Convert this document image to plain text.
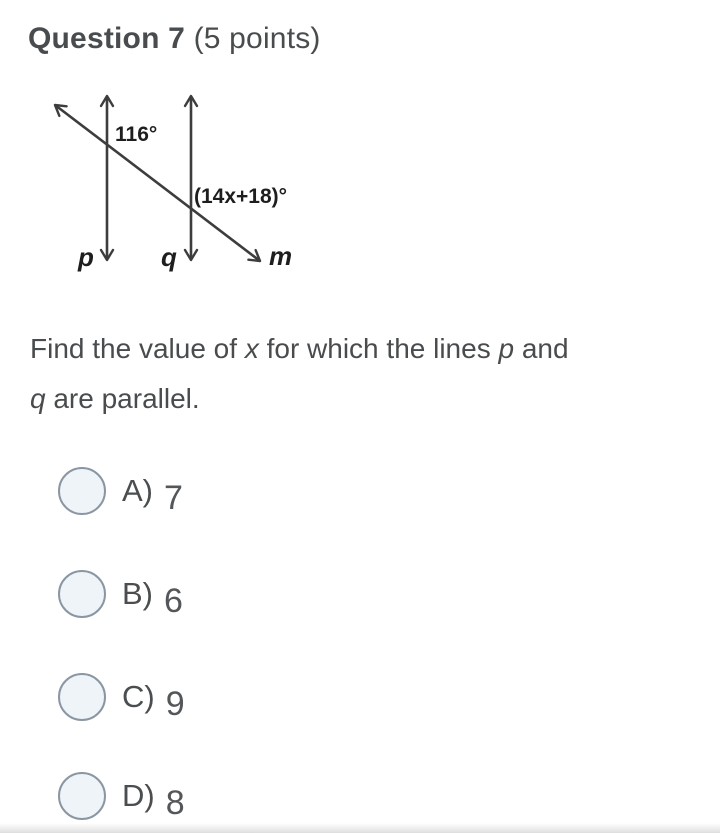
Question 7 (5 points)
116°
(14x+18)°
p	q	m
Find the value of x for which the lines p and
q are parallel.
A) 7
B) 6
C) 9
D) 8
